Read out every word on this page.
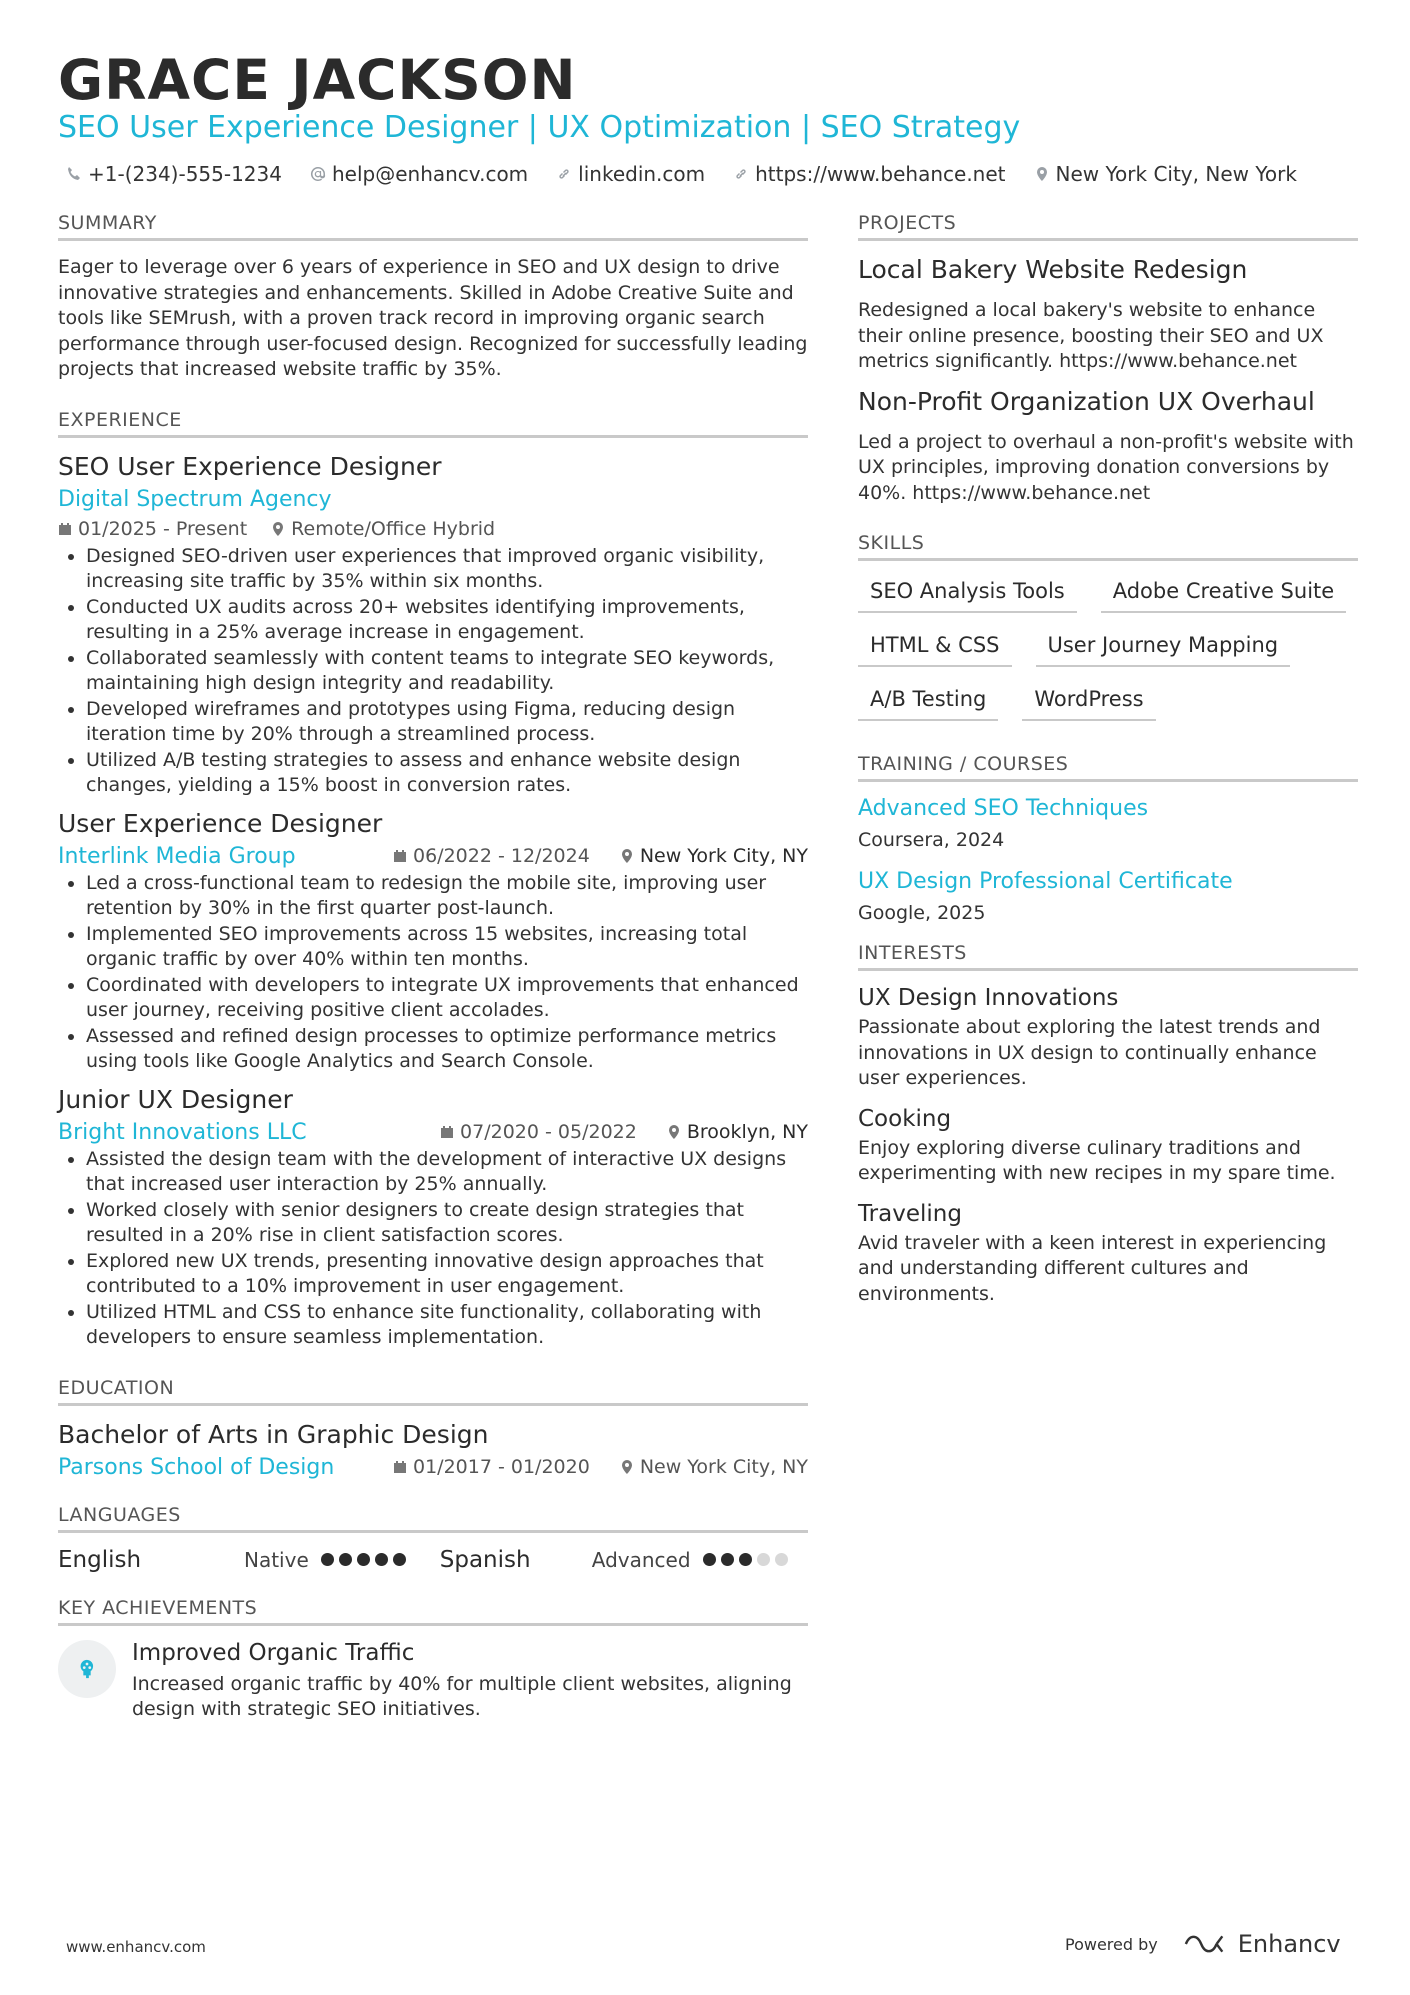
GRACE JACKSON
SEO User Experience Designer | UX Optimization | SEO Strategy
+1-(234)-555-1234	help@enhancv.com	linkedin.com	https://www.behance.net	New York City, New York
SUMMARY
Eager to leverage over 6 years of experience in SEO and UX design to drive innovative strategies and enhancements. Skilled in Adobe Creative Suite and tools like SEMrush, with a proven track record in improving organic search performance through user-focused design. Recognized for successfully leading projects that increased website traffic by 35%.
EXPERIENCE
SEO User Experience Designer
Digital Spectrum Agency
01/2025 - Present Remote/Office Hybrid
• Designed SEO-driven user experiences that improved organic visibility, increasing site traffic by 35% within six months.
• Conducted UX audits across 20+ websites identifying improvements, resulting in a 25% average increase in engagement.
• Collaborated seamlessly with content teams to integrate SEO keywords, maintaining high design integrity and readability.
• Developed wireframes and prototypes using Figma, reducing design iteration time by 20% through a streamlined process.
• Utilized A/B testing strategies to assess and enhance website design changes, yielding a 15% boost in conversion rates.
User Experience Designer
Interlink Media Group	06/2022 - 12/2024	New York City, NY
• Led a cross-functional team to redesign the mobile site, improving user retention by 30% in the first quarter post-launch.
• Implemented SEO improvements across 15 websites, increasing total organic traffic by over 40% within ten months.
• Coordinated with developers to integrate UX improvements that enhanced user journey, receiving positive client accolades.
• Assessed and refined design processes to optimize performance metrics using tools like Google Analytics and Search Console.
Junior UX Designer
Bright Innovations LLC	07/2020 - 05/2022	Brooklyn, NY
• Assisted the design team with the development of interactive UX designs that increased user interaction by 25% annually.
• Worked closely with senior designers to create design strategies that resulted in a 20% rise in client satisfaction scores.
• Explored new UX trends, presenting innovative design approaches that contributed to a 10% improvement in user engagement.
• Utilized HTML and CSS to enhance site functionality, collaborating with developers to ensure seamless implementation.
EDUCATION
Bachelor of Arts in Graphic Design
Parsons School of Design	01/2017 - 01/2020	New York City, NY
LANGUAGES
English	Native	Spanish	Advanced
KEY ACHIEVEMENTS
Improved Organic Traffic
Increased organic traffic by 40% for multiple client websites, aligning design with strategic SEO initiatives.
PROJECTS
Local Bakery Website Redesign
Redesigned a local bakery's website to enhance their online presence, boosting their SEO and UX metrics significantly. https://www.behance.net
Non-Profit Organization UX Overhaul
Led a project to overhaul a non-profit's website with UX principles, improving donation conversions by 40%. https://www.behance.net
SKILLS
SEO Analysis Tools	Adobe Creative Suite
HTML & CSS	User Journey Mapping
A/B Testing	WordPress
TRAINING / COURSES
Advanced SEO Techniques
Coursera, 2024
UX Design Professional Certificate
Google, 2025
INTERESTS
UX Design Innovations
Passionate about exploring the latest trends and innovations in UX design to continually enhance user experiences.
Cooking
Enjoy exploring diverse culinary traditions and experimenting with new recipes in my spare time.
Traveling
Avid traveler with a keen interest in experiencing and understanding different cultures and environments.
www.enhancv.com	Powered by	Enhancv
